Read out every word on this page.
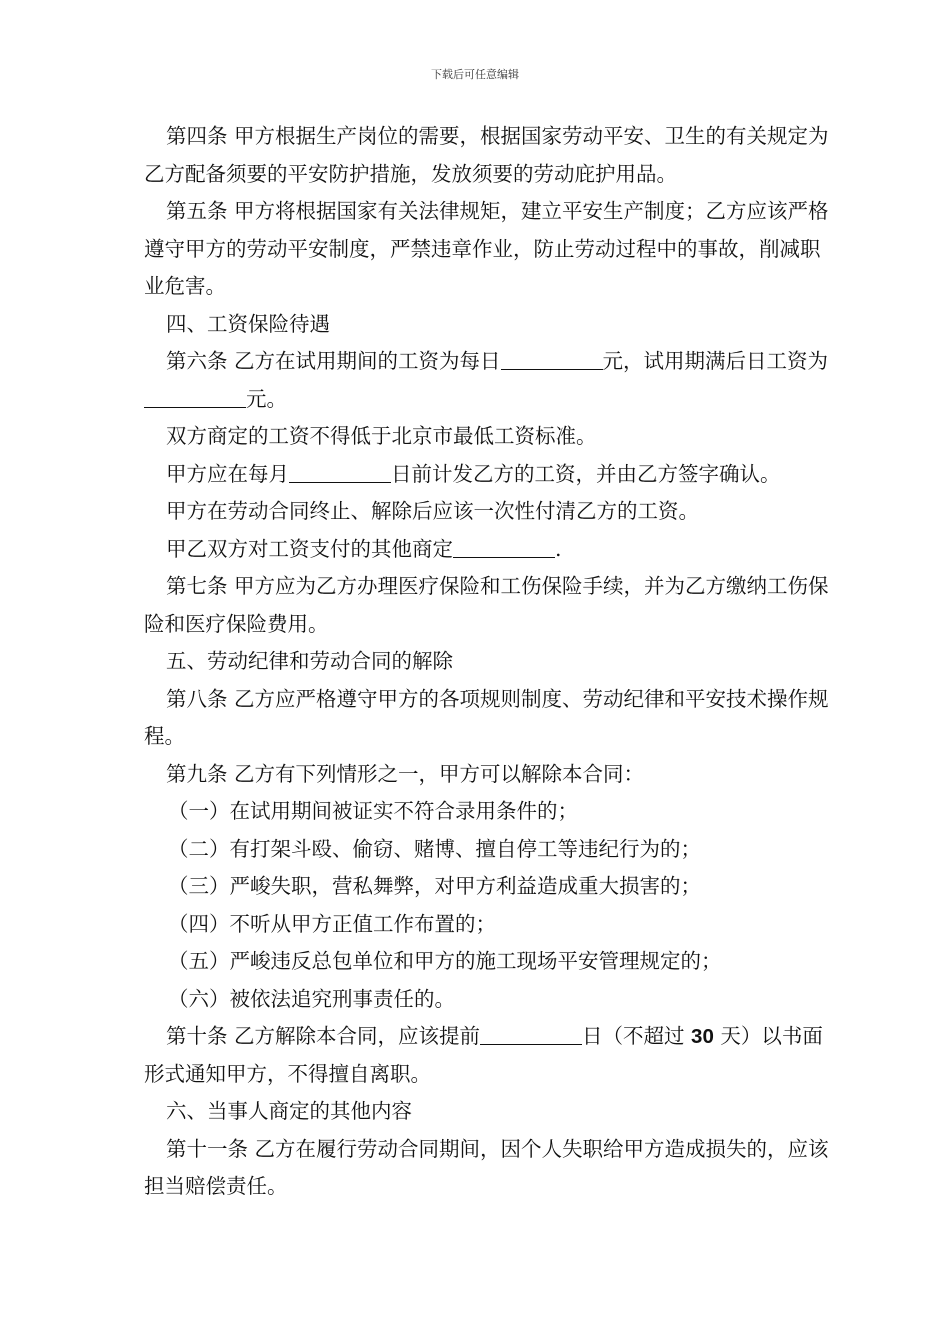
下载后可任意编辑

第四条 甲方根据生产岗位的需要，根据国家劳动平安、卫生的有关规定为乙方配备须要的平安防护措施，发放须要的劳动庇护用品。

第五条 甲方将根据国家有关法律规矩，建立平安生产制度；乙方应该严格遵守甲方的劳动平安制度，严禁违章作业，防止劳动过程中的事故，削减职业危害。

四、工资保险待遇

第六条 乙方在试用期间的工资为每日	元，试用期满后日工资为元。

双方商定的工资不得低于北京市最低工资标准。

甲方应在每月	日前计发乙方的工资，并由乙方签字确认。

甲方在劳动合同终止、解除后应该一次性付清乙方的工资。

甲乙双方对工资支付的其他商定	.

第七条 甲方应为乙方办理医疗保险和工伤保险手续，并为乙方缴纳工伤保险和医疗保险费用。

五、劳动纪律和劳动合同的解除

第八条 乙方应严格遵守甲方的各项规则制度、劳动纪律和平安技术操作规程。

第九条 乙方有下列情形之一，甲方可以解除本合同：

（一）在试用期间被证实不符合录用条件的；

（二）有打架斗殴、偷窃、赌博、擅自停工等违纪行为的；

（三）严峻失职，营私舞弊，对甲方利益造成重大损害的；

（四）不听从甲方正值工作布置的；

（五）严峻违反总包单位和甲方的施工现场平安管理规定的；

（六）被依法追究刑事责任的。

第十条 乙方解除本合同，应该提前	日（不超过 30 天）以书面形式通知甲方，不得擅自离职。

六、当事人商定的其他内容

第十一条 乙方在履行劳动合同期间，因个人失职给甲方造成损失的，应该担当赔偿责任。
